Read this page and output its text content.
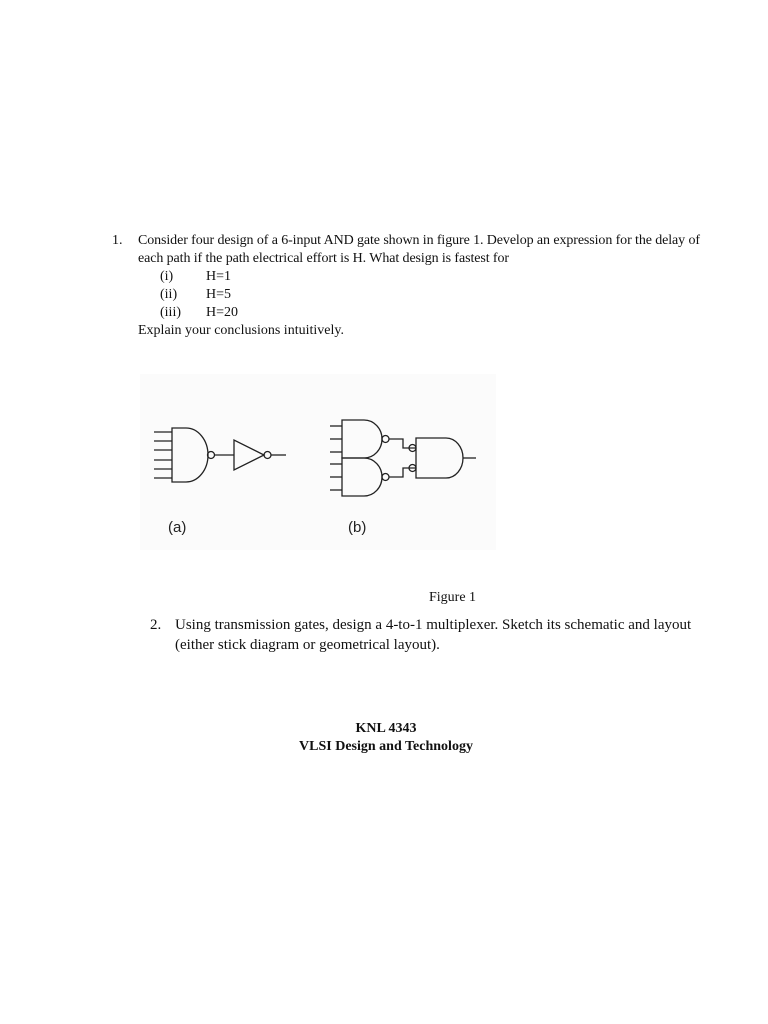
1. Consider four design of a 6-input AND gate shown in figure 1. Develop an expression for the delay of
each path if the path electrical effort is H. What design is fastest for
(i) H=1
(ii) H=5
(iii) H=20
Explain your conclusions intuitively.
(a)	(b)
Figure 1
2. Using transmission gates, design a 4-to-1 multiplexer. Sketch its schematic and layout
(either stick diagram or geometrical layout).
KNL 4343
VLSI Design and Technology
